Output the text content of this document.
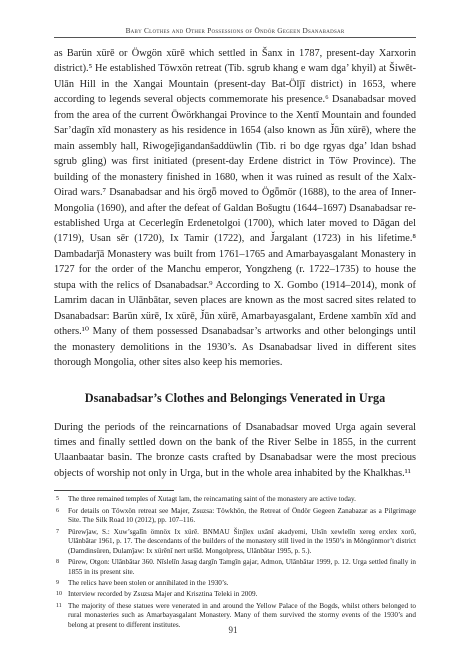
Baby Clothes and Other Possessions of Öndör Gegeen Dsanabadsar

as Barün xürē or Öwgön xürē which settled in Šanx in 1787, present-day Xarxorin district).⁵ He established Töwxön retreat (Tib. sgrub khang e wam dga’ khyil) at Šiwēt-Ulān Hill in the Xangai Mountain (present-day Bat-Ölǰī district) in 1653, where according to legends several objects commemorate his presence.⁶ Dsanabadsar moved from the area of the current Öwörkhangai Province to the Xentī Mountain and founded Sar’dagīn xīd monastery as his residence in 1654 (also known as J̌ūn xürē), where the main assembly hall, Riwogeǰigandanšaddüwlin (Tib. ri bo dge rgyas dga’ ldan bshad sgrub gling) was first initiated (present-day Erdene district in Töw Province). The building of the monastery finished in 1680, when it was ruined as result of the Xalx-Oirad wars.⁷ Dsanabadsar and his örgȫ moved to Ögȫmör (1688), to the area of Inner-Mongolia (1690), and after the defeat of Galdan Bošugtu (1644–1697) Dsanabadsar re-established Urga at Cecerlegīn Erdenetolgoi (1700), which later moved to Dāgan del (1719), Usan sēr (1720), Ix Tamir (1722), and J̌argalant (1723) in his lifetime.⁸ Dambadarǰā Monastery was built from 1761–1765 and Amarbayasgalant Monastery in 1727 for the order of the Manchu emperor, Yongzheng (r. 1722–1735) to house the stupa with the relics of Dsanabadsar.⁹ According to X. Gombo (1914–2014), monk of Lamrim dacan in Ulānbātar, seven places are known as the most sacred sites related to Dsanabadsar: Barün xürē, Ix xürē, J̌ūn xürē, Amarbayasgalant, Erdene xambīn xīd and others.¹⁰ Many of them possessed Dsanabadsar’s artworks and other belongings until the monastery demolitions in the 1930’s. As Dsanabadsar lived in different sites thorough Mongolia, other sites also keep his memories.

Dsanabadsar’s Clothes and Belongings Venerated in Urga

During the periods of the reincarnations of Dsanabadsar moved Urga again several times and finally settled down on the bank of the River Selbe in 1855, in the current Ulaanbaatar basin. The bronze casts crafted by Dsanabadsar were the most precious objects of worship not only in Urga, but in the whole area inhabited by the Khalkhas.¹¹

5	The three remained temples of Xutagt lam, the reincarnating saint of the monastery are active today.
6	For details on Töwxön retreat see Majer, Zsuzsa: Töwkhön, the Retreat of Öndör Gegeen Zanabazar as a Pilgrimage Site. The Silk Road 10 (2012), pp. 107–116.
7	Pürewǰaw, S.: Xuw’sgalīn ömnöx Ix xürē. BNMAU Šinǰlex uxānī akadyemi, Ulsīn xewlelīn xereg erxlex xorō, Ulānbātar 1961, p. 17. The descendants of the builders of the monastery still lived in the 1950’s in Möngönmor’t district (Damdinsüren, Dulamǰaw: Ix xürēnī nert uršīd. Mongolpress, Ulānbātar 1995, p. 5.).
8	Pürew, Otgon: Ulānbātar 360. Nīslelīn Jasag dargīn Tamgīn gajar, Admon, Ulānbātar 1999, p. 12. Urga settled finally in 1855 in its present site.
9	The relics have been stolen or annihilated in the 1930’s.
10 Interview recorded by Zsuzsa Majer and Krisztina Teleki in 2009.
11 The majority of these statues were venerated in and around the Yellow Palace of the Bogds, whilst others belonged to rural monasteries such as Amarbayasgalant Monastery. Many of them survived the stormy events of the 1930’s and belong at present to different institutes.	91
